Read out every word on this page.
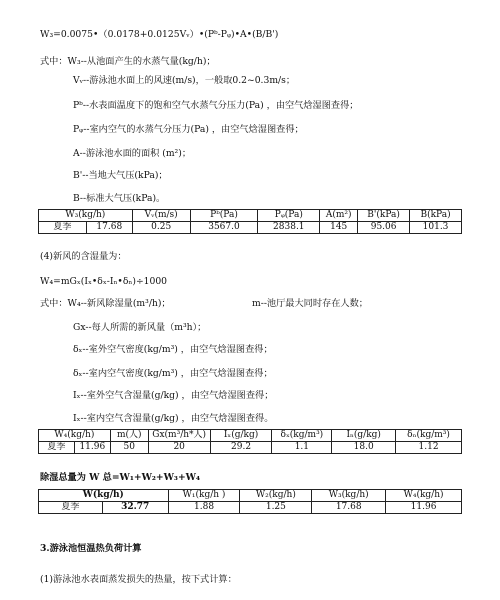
W₃=0.0075•（0.0178+0.0125Vᵥ）•(Pᵇ-Pᵩ)•A•(B/B')
式中：W₃--从池面产生的水蒸气量(kg/h)；
Vᵥ--游泳池水面上的风速(m/s)，一般取0.2~0.3m/s；
Pᵇ--水表面温度下的饱和空气水蒸气分压力(Pa) ，由空气焓湿图查得；
Pᵩ--室内空气的水蒸气分压力(Pa) ，由空气焓湿图查得；
A--游泳池水面的面积 (m²)；
B'--当地大气压(kPa)；
B--标准大气压(kPa)。
W₃(kg/h)		Vᵥ(m/s)	Pᵇ(Pa)	Pᵩ(Pa)	A(m²)	B'(kPa)	B(kPa)
夏季	17.68	0.25	3567.0	2838.1	145	95.06	101.3
(4)新风的含湿量为：
W₄=mGₓ(Iₓ•δₓ-Iₙ•δₙ)÷1000
式中：W₄--新风除湿量(m³/h)；	m--池厅最大同时存在人数；
Gx--每人所需的新风量（m³h）；
δₓ--室外空气密度(kg/m³) ，由空气焓湿图查得；
δₓ--室内空气密度(kg/m³) ，由空气焓湿图查得；
Iₓ--室外空气含湿量(g/kg) ，由空气焓湿图查得；
Iₓ--室内空气含湿量(g/kg) ，由空气焓湿图查得。
W₄(kg/h)		m(人)	Gx(m³/h*人)	Iₓ(g/kg)	δₓ(kg/m³)	Iₙ(g/kg)	δₙ(kg/m³)
夏季	11.96	50	20	29.2	1.1	18.0	1.12
除湿总量为 W 总=W₁+W₂+W₃+W₄
W(kg/h)		W₁(kg/h )	W₂(kg/h)	W₃(kg/h)	W₄(kg/h)
夏季	32.77	1.88	1.25	17.68	11.96
3.游泳池恒温热负荷计算
(1)游泳池水表面蒸发损失的热量，按下式计算：
